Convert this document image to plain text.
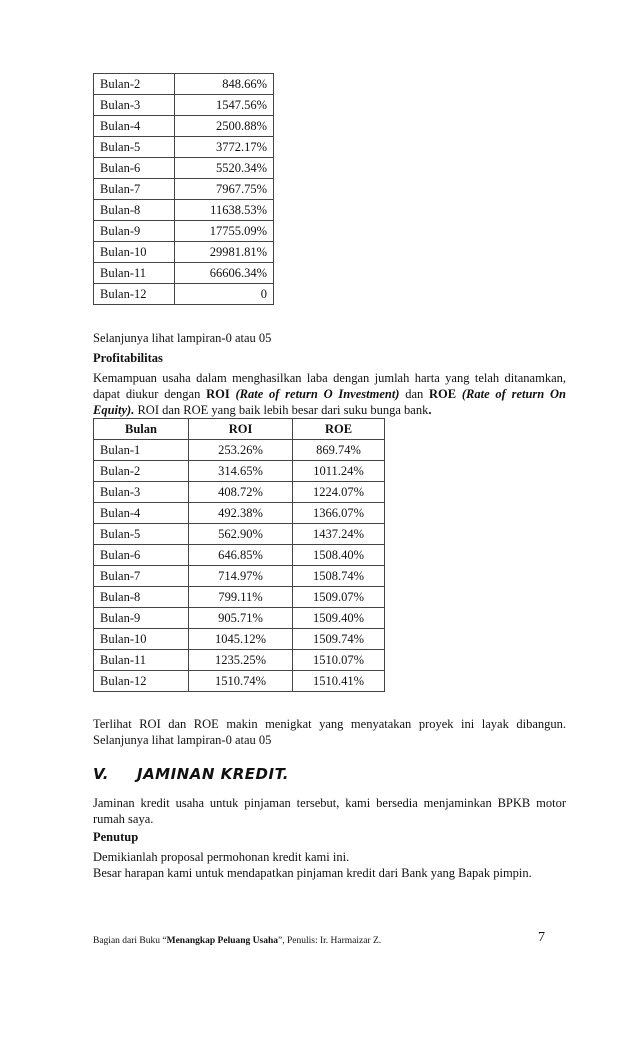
Bulan-2	848.66%
Bulan-3	1547.56%
Bulan-4	2500.88%
Bulan-5	3772.17%
Bulan-6	5520.34%
Bulan-7	7967.75%
Bulan-8	11638.53%
Bulan-9	17755.09%
Bulan-10	29981.81%
Bulan-11	66606.34%
Bulan-12	0
Selanjunya lihat lampiran-0 atau 05
Profitabilitas
Kemampuan usaha dalam menghasilkan laba dengan jumlah harta yang telah ditanamkan, dapat diukur dengan ROI (Rate of return O Investment) dan ROE (Rate of return On Equity). ROI dan ROE yang baik lebih besar dari suku bunga bank.
Bulan	ROI	ROE
Bulan-1	253.26%	869.74%
Bulan-2	314.65%	1011.24%
Bulan-3	408.72%	1224.07%
Bulan-4	492.38%	1366.07%
Bulan-5	562.90%	1437.24%
Bulan-6	646.85%	1508.40%
Bulan-7	714.97%	1508.74%
Bulan-8	799.11%	1509.07%
Bulan-9	905.71%	1509.40%
Bulan-10	1045.12%	1509.74%
Bulan-11	1235.25%	1510.07%
Bulan-12	1510.74%	1510.41%
Terlihat ROI dan ROE makin menigkat yang menyatakan proyek ini layak dibangun. Selanjunya lihat lampiran-0 atau 05
V. JAMINAN KREDIT.
Jaminan kredit usaha untuk pinjaman tersebut, kami bersedia menjaminkan BPKB motor rumah saya.
Penutup
Demikianlah proposal permohonan kredit kami ini.
Besar harapan kami untuk mendapatkan pinjaman kredit dari Bank yang Bapak pimpin.
Bagian dari Buku “Menangkap Peluang Usaha”, Penulis: Ir. Harmaizar Z.	7
